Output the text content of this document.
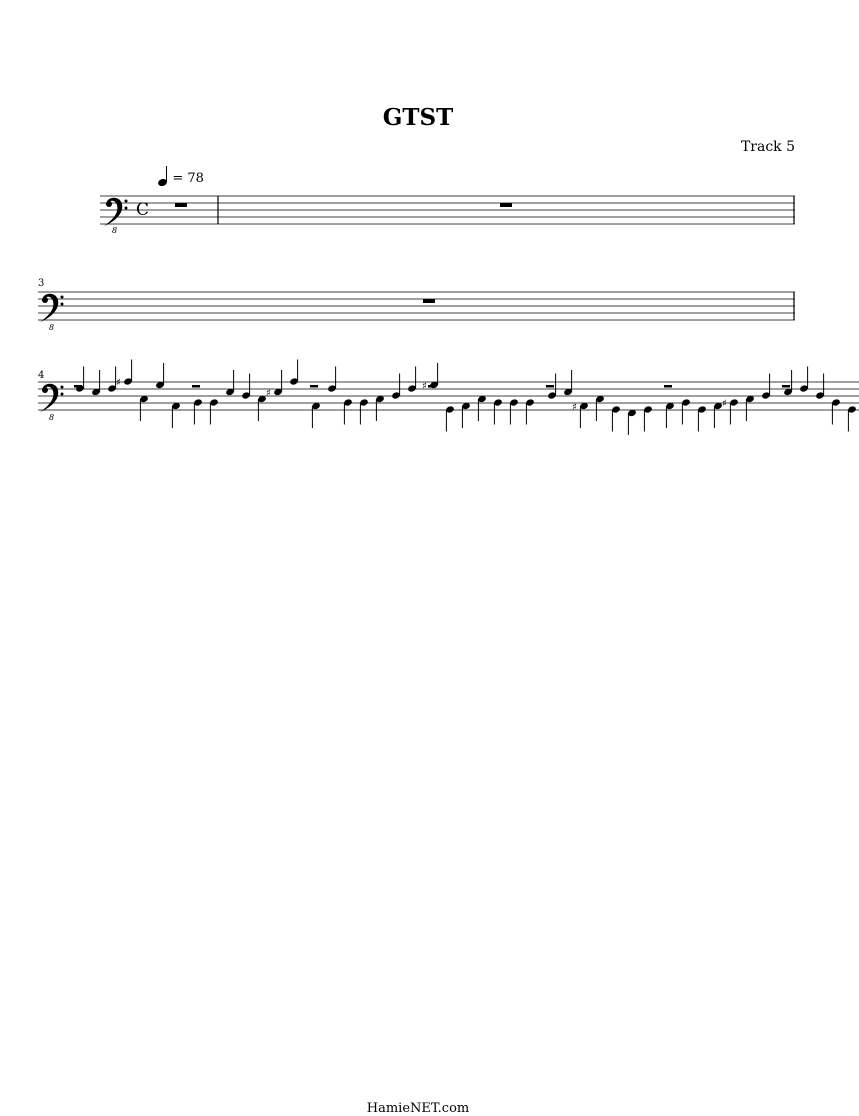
GTST
Track 5
= 78
3
4
8
C
8
8
♯
♯
♯
♯	♯
HamieNET.com
